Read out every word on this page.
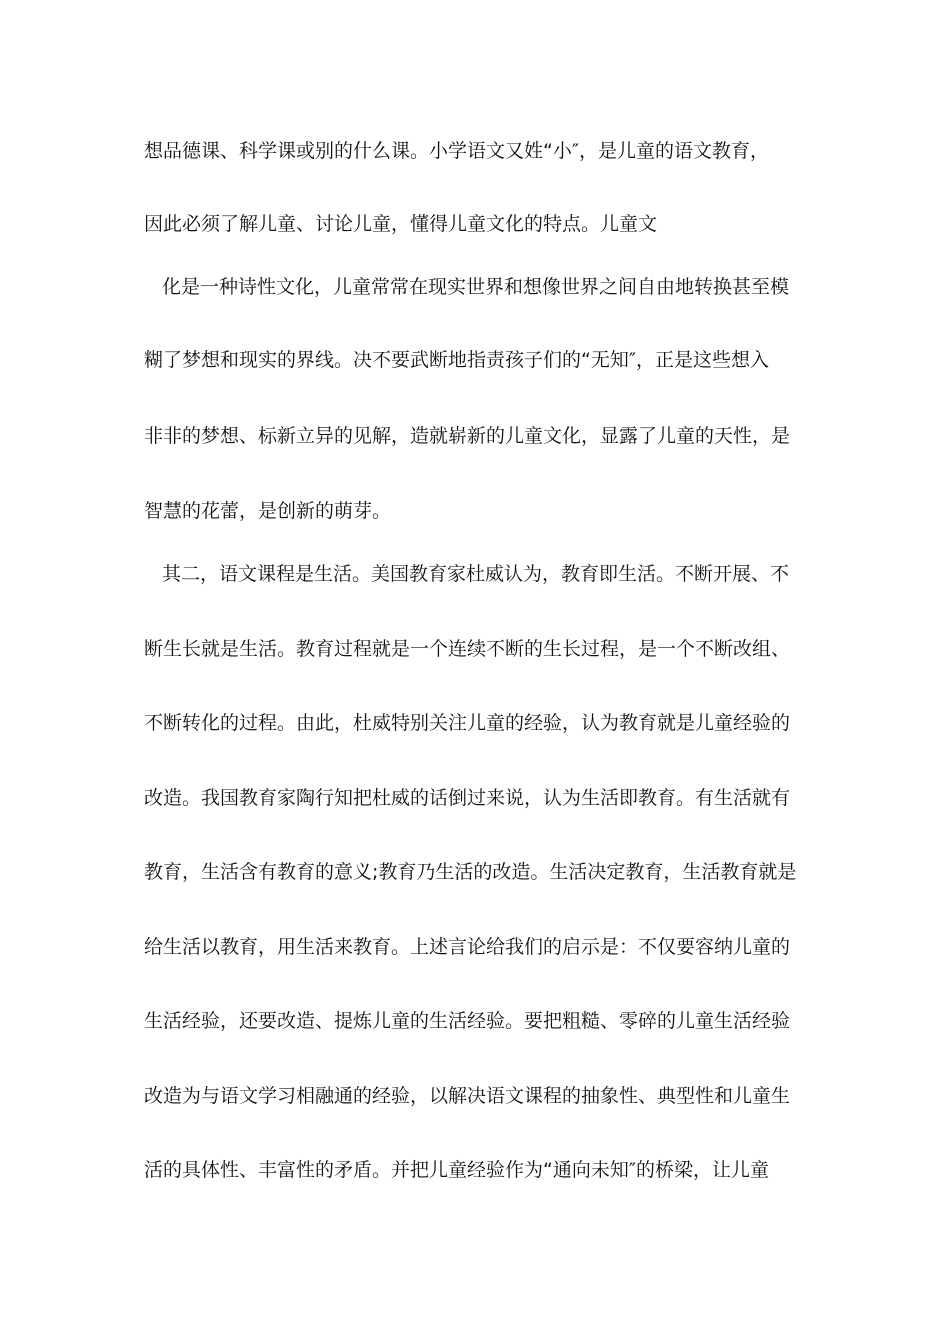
想品德课、科学课或别的什么课。小学语文又姓“小″，是儿童的语文教育，
因此必须了解儿童、讨论儿童，懂得儿童文化的特点。儿童文
化是一种诗性文化，儿童常常在现实世界和想像世界之间自由地转换甚至模
糊了梦想和现实的界线。决不要武断地指责孩子们的“无知″，正是这些想入
非非的梦想、标新立异的见解，造就崭新的儿童文化，显露了儿童的天性，是
智慧的花蕾，是创新的萌芽。
其二，语文课程是生活。美国教育家杜威认为，教育即生活。不断开展、不
断生长就是生活。教育过程就是一个连续不断的生长过程，是一个不断改组、
不断转化的过程。由此，杜威特别关注儿童的经验，认为教育就是儿童经验的
改造。我国教育家陶行知把杜威的话倒过来说，认为生活即教育。有生活就有
教育，生活含有教育的意义;教育乃生活的改造。生活决定教育，生活教育就是
给生活以教育，用生活来教育。上述言论给我们的启示是：不仅要容纳儿童的
生活经验，还要改造、提炼儿童的生活经验。要把粗糙、零碎的儿童生活经验
改造为与语文学习相融通的经验，以解决语文课程的抽象性、典型性和儿童生
活的具体性、丰富性的矛盾。并把儿童经验作为“通向未知″的桥梁，让儿童
